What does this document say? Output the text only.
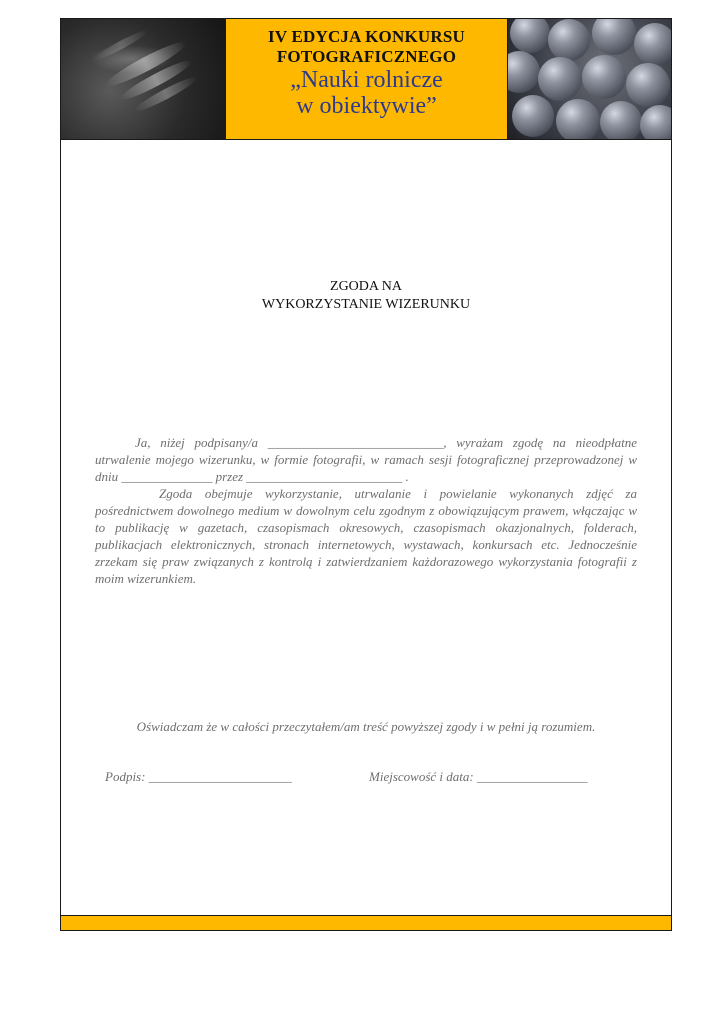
IV EDYCJA KONKURSU
FOTOGRAFICZNEGO
„Nauki rolnicze
w obiektywie”
ZGODA NA
WYKORZYSTANIE WIZERUNKU

Ja, niżej podpisany/a ___________________________, wyrażam zgodę na nieodpłatne utrwalenie mojego wizerunku, w formie fotografii, w ramach sesji fotograficznej przeprowadzonej w dniu ______________ przez ________________________ .

Zgoda obejmuje wykorzystanie, utrwalanie i powielanie wykonanych zdjęć za pośrednictwem dowolnego medium w dowolnym celu zgodnym z obowiązującym prawem, włączając w to publikację w gazetach, czasopismach okresowych, czasopismach okazjonalnych, folderach, publikacjach elektronicznych, stronach internetowych, wystawach, konkursach etc. Jednocześnie zrzekam się praw związanych z kontrolą i zatwierdzaniem każdorazowego wykorzystania fotografii z moim wizerunkiem.

Oświadczam że w całości przeczytałem/am treść powyższej zgody i w pełni ją rozumiem.
Podpis: ______________________	Miejscowość i data: _________________
